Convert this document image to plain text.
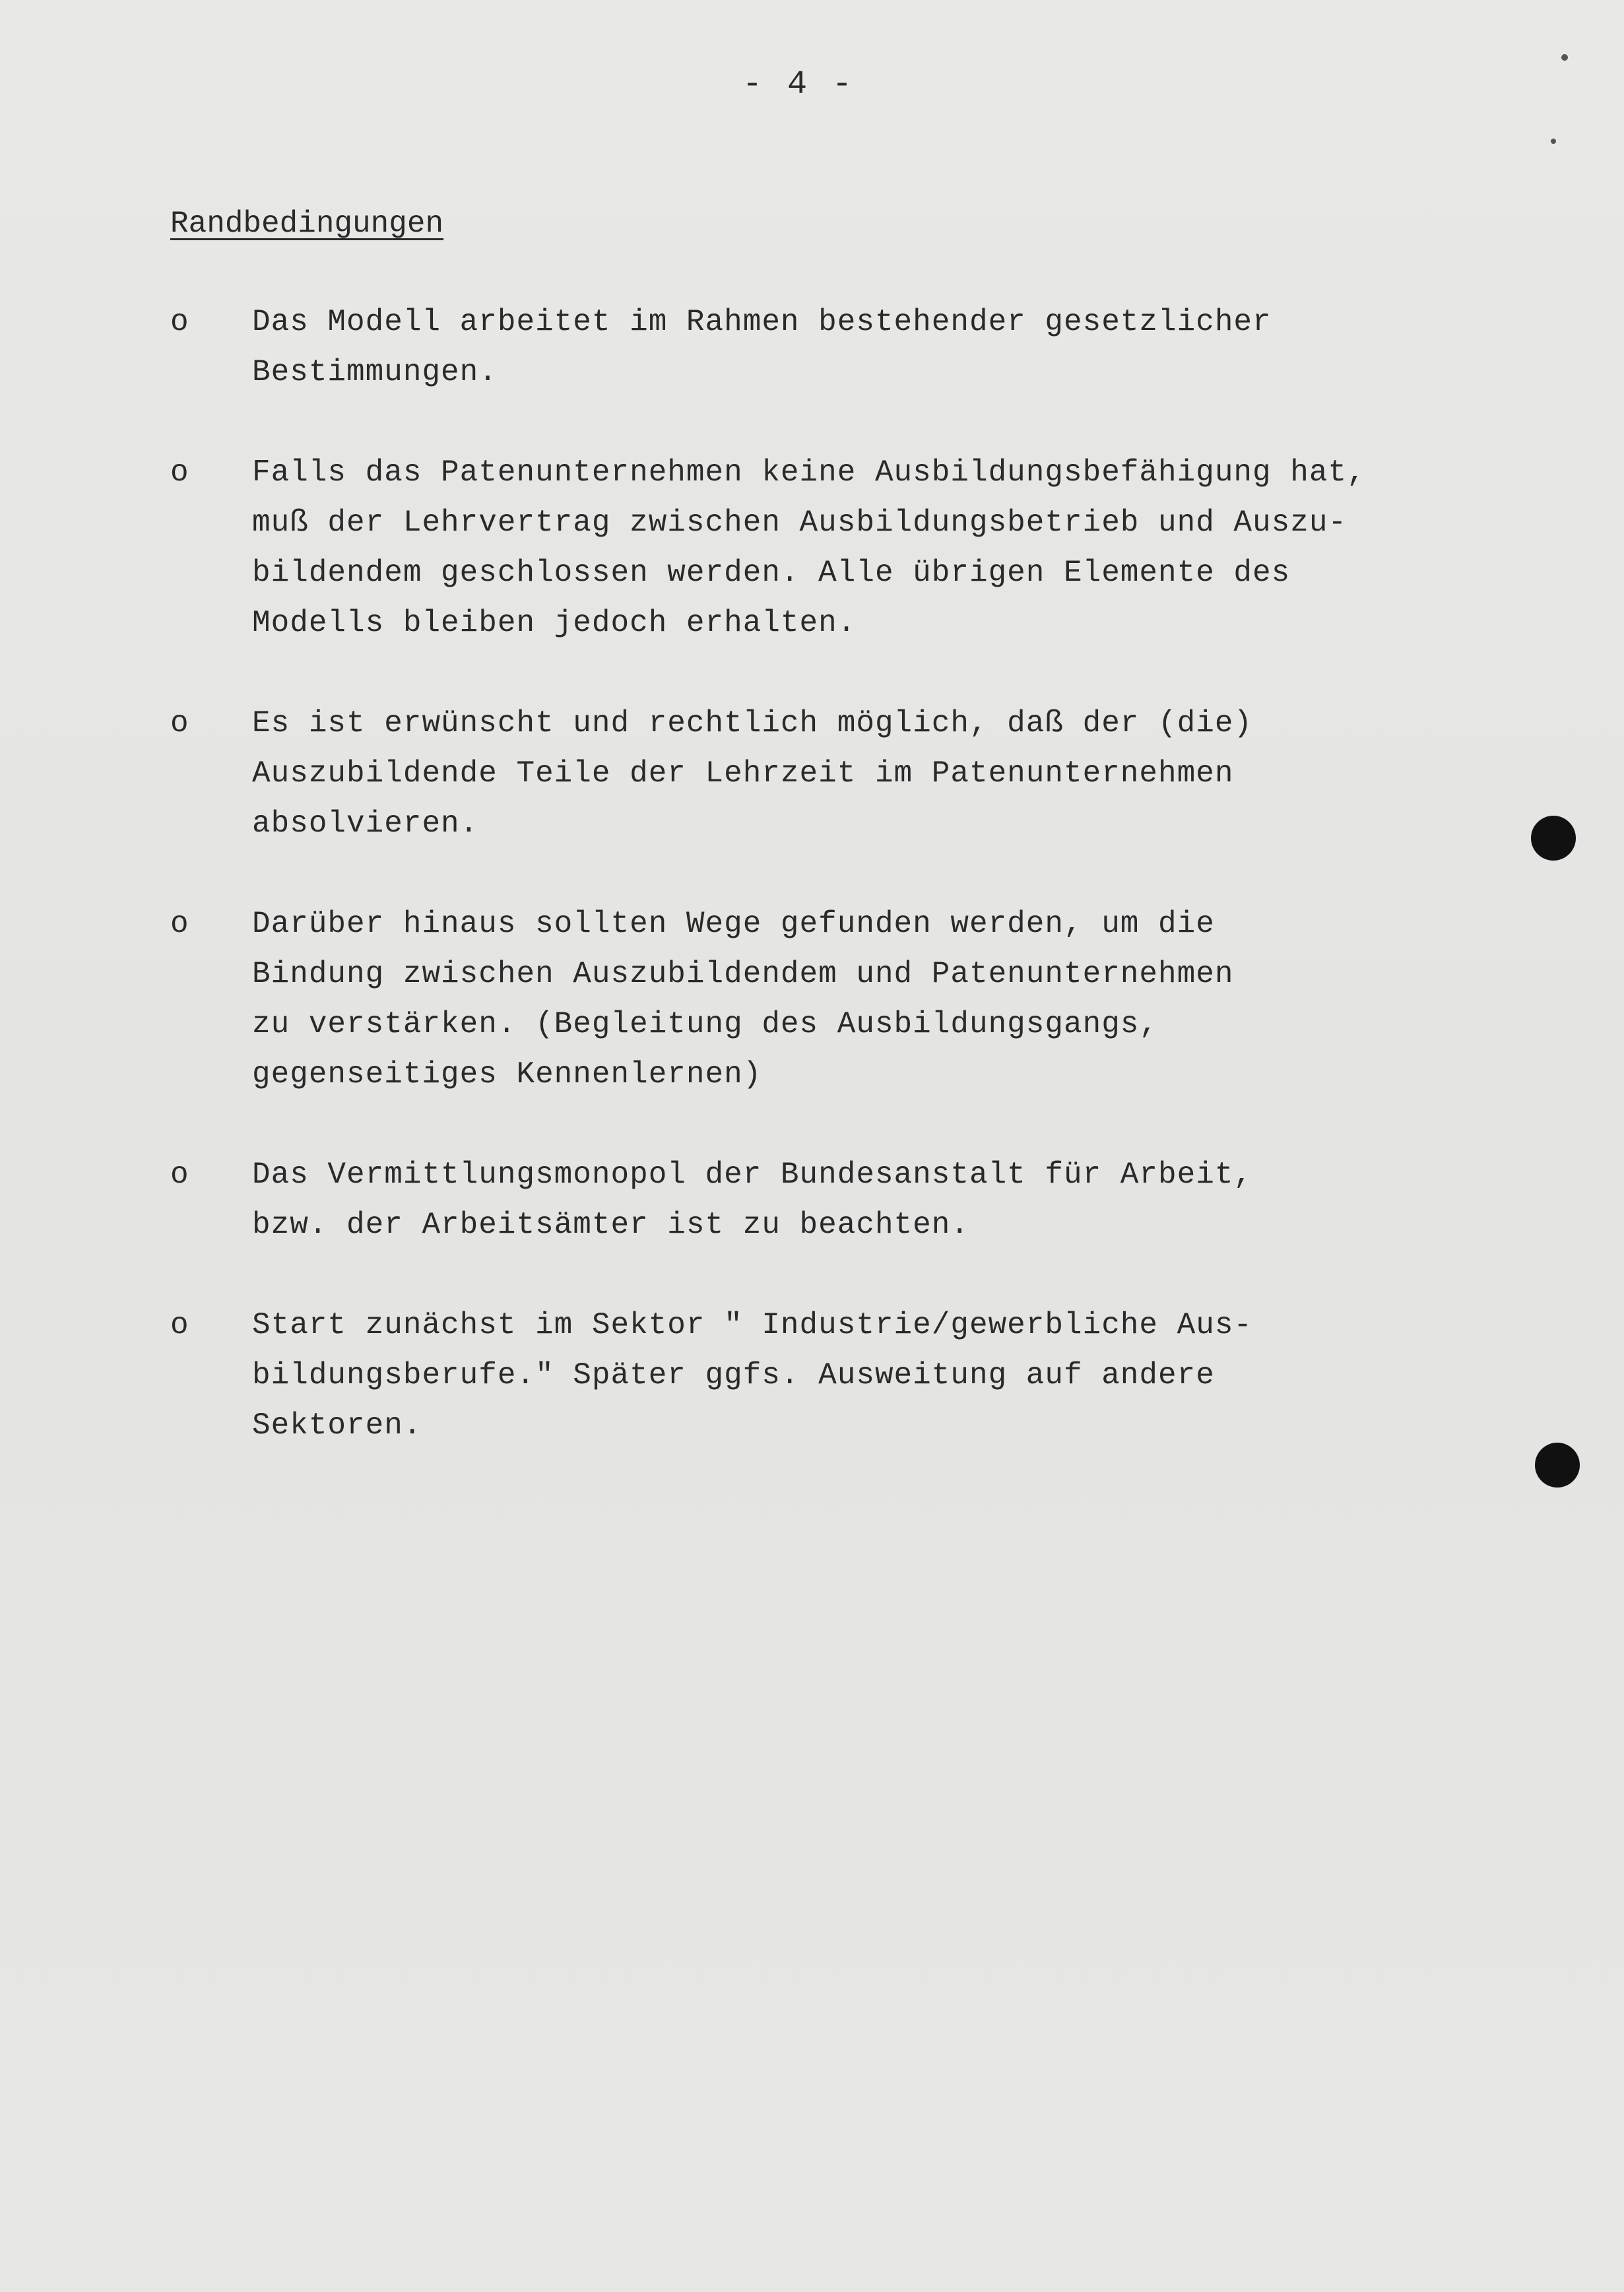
- 4 -
Randbedingungen
o Das Modell arbeitet im Rahmen bestehender gesetzlicher
Bestimmungen.
o Falls das Patenunternehmen keine Ausbildungsbefähigung hat,
muß der Lehrvertrag zwischen Ausbildungsbetrieb und Auszu-
bildendem geschlossen werden. Alle übrigen Elemente des
Modells bleiben jedoch erhalten.
o Es ist erwünscht und rechtlich möglich, daß der (die)
Auszubildende Teile der Lehrzeit im Patenunternehmen
absolvieren.
o Darüber hinaus sollten Wege gefunden werden, um die
Bindung zwischen Auszubildendem und Patenunternehmen
zu verstärken. (Begleitung des Ausbildungsgangs,
gegenseitiges Kennenlernen)
o Das Vermittlungsmonopol der Bundesanstalt für Arbeit,
bzw. der Arbeitsämter ist zu beachten.
o Start zunächst im Sektor " Industrie/gewerbliche Aus-
bildungsberufe." Später ggfs. Ausweitung auf andere
Sektoren.
